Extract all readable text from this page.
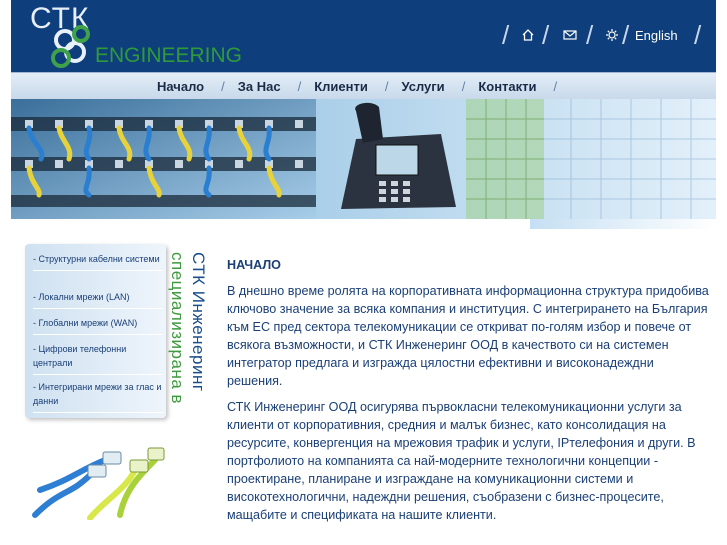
СТК
ENGINEERING
/ / / / English /
Начало / За Нас / Клиенти / Услуги / Контакти /
- Структурни кабелни системи
- Локални мрежи (LAN)
- Глобални мрежи (WAN)
- Цифрови телефонни централи
- Интегрирани мрежи за глас и данни
СТК Инженеринг
специализирана в	НАЧАЛО

В днешно време ролята на корпоративната информационна структура придобива ключово значение за всяка компания и институция. С интегрирането на България към ЕС пред сектора телекомуникации се откриват по-голям избор и повече от всякога възможности, и СТК Инженеринг ООД в качеството си на системен интегратор предлага и изгражда цялостни ефективни и високонадеждни решения.

СТК Инженеринг ООД осигурява първокласни телекомуникационни услуги за клиенти от корпоративния, средния и малък бизнес, като консолидация на ресурсите, конвергенция на мрежовия трафик и услуги, IPтелефония и други. В портфолиото на компанията са най-модерните технологични концепции - проектиране, планиране и изграждане на комуникационни системи и високотехнологични, надеждни решения, съобразени с бизнес-процесите, мащабите и спецификата на нашите клиенти.
